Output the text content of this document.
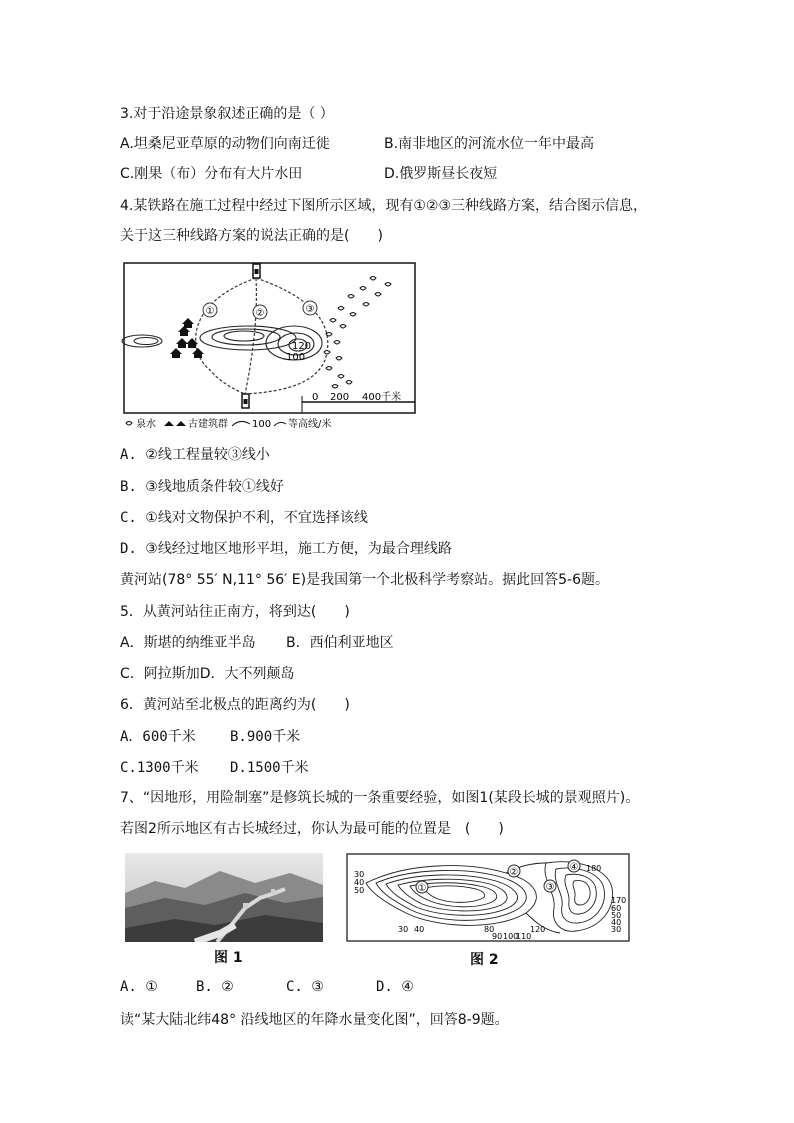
3.对于沿途景象叙述正确的是（ ）
A.坦桑尼亚草原的动物们向南迁徙	B.南非地区的河流水位一年中最高
C.刚果（布）分布有大片水田	D.俄罗斯昼长夜短
4.某铁路在施工过程中经过下图所示区域，现有①②③三种线路方案，结合图示信息，
关于这三种线路方案的说法正确的是(　　)
①	②	③
120
100
0 200 400千米
泉水	古建筑群 100 等高线/米
A. ②线工程量较③线小
B. ③线地质条件较①线好
C. ①线对文物保护不利，不宜选择该线
D. ③线经过地区地形平坦，施工方便，为最合理线路
黄河站(78° 55′ N,11° 56′ E)是我国第一个北极科学考察站。据此回答5-6题。
5．从黄河站往正南方，将到达(　　)
A．斯堪的纳维亚半岛 B．西伯利亚地区
C．阿拉斯加D．大不列颠岛
6．黄河站至北极点的距离约为(　　)
A．600千米 B.900千米
C.1300千米 D.1500千米
7、“因地形，用险制塞”是修筑长城的一条重要经验，如图1(某段长城的景观照片)。
若图2所示地区有古长城经过，你认为最可能的位置是　(　　)
图 1
①
②
③
④
30
40
50
30 40	80
90 100
110
120
180
170
60
50
40
30
图 2
A. ①	B. ②	C. ③	D. ④
读“某大陆北纬48° 沿线地区的年降水量变化图”，回答8-9题。
